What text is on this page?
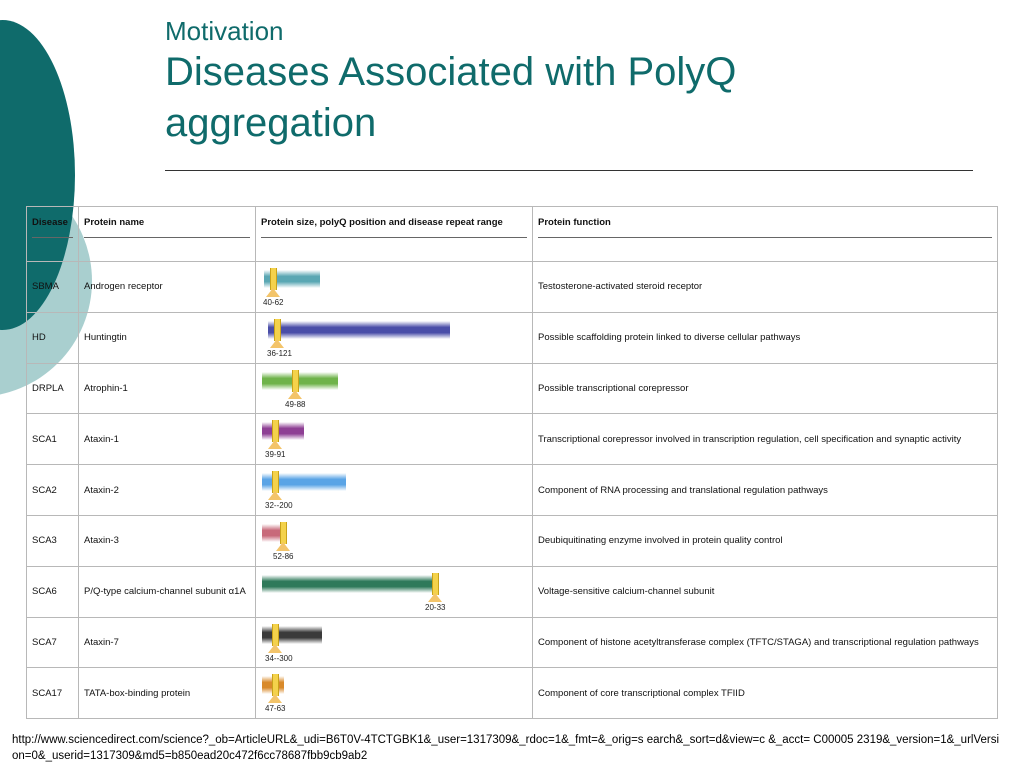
Motivation

Diseases Associated with PolyQ
aggregation
Disease	Protein name	Protein size, polyQ position and disease repeat range	Protein function

SBMA	Androgen receptor	40-62	Testosterone-activated steroid receptor
HD	Huntingtin	36-121	Possible scaffolding protein linked to diverse cellular pathways
DRPLA	Atrophin-1	49-88	Possible transcriptional corepressor
SCA1	Ataxin-1	39-91	Transcriptional corepressor involved in transcription regulation, cell specification and synaptic activity
SCA2	Ataxin-2	32--200	Component of RNA processing and translational regulation pathways
SCA3	Ataxin-3	52-86	Deubiquitinating enzyme involved in protein quality control
SCA6	P/Q-type calcium-channel subunit α1A	20-33	Voltage-sensitive calcium-channel subunit
SCA7	Ataxin-7	34--300	Component of histone acetyltransferase complex (TFTC/STAGA) and transcriptional regulation pathways
SCA17	TATA-box-binding protein	47-63	Component of core transcriptional complex TFIID
http://www.sciencedirect.com/science?_ob=ArticleURL&_udi=B6T0V-4TCTGBK1&_user=1317309&_rdoc=1&_fmt=&_orig=s earch&_sort=d&view=c &_acct= C00005 2319&_version=1&_urlVersion=0&_userid=1317309&md5=b850ead20c472f6cc78687fbb9cb9ab2
